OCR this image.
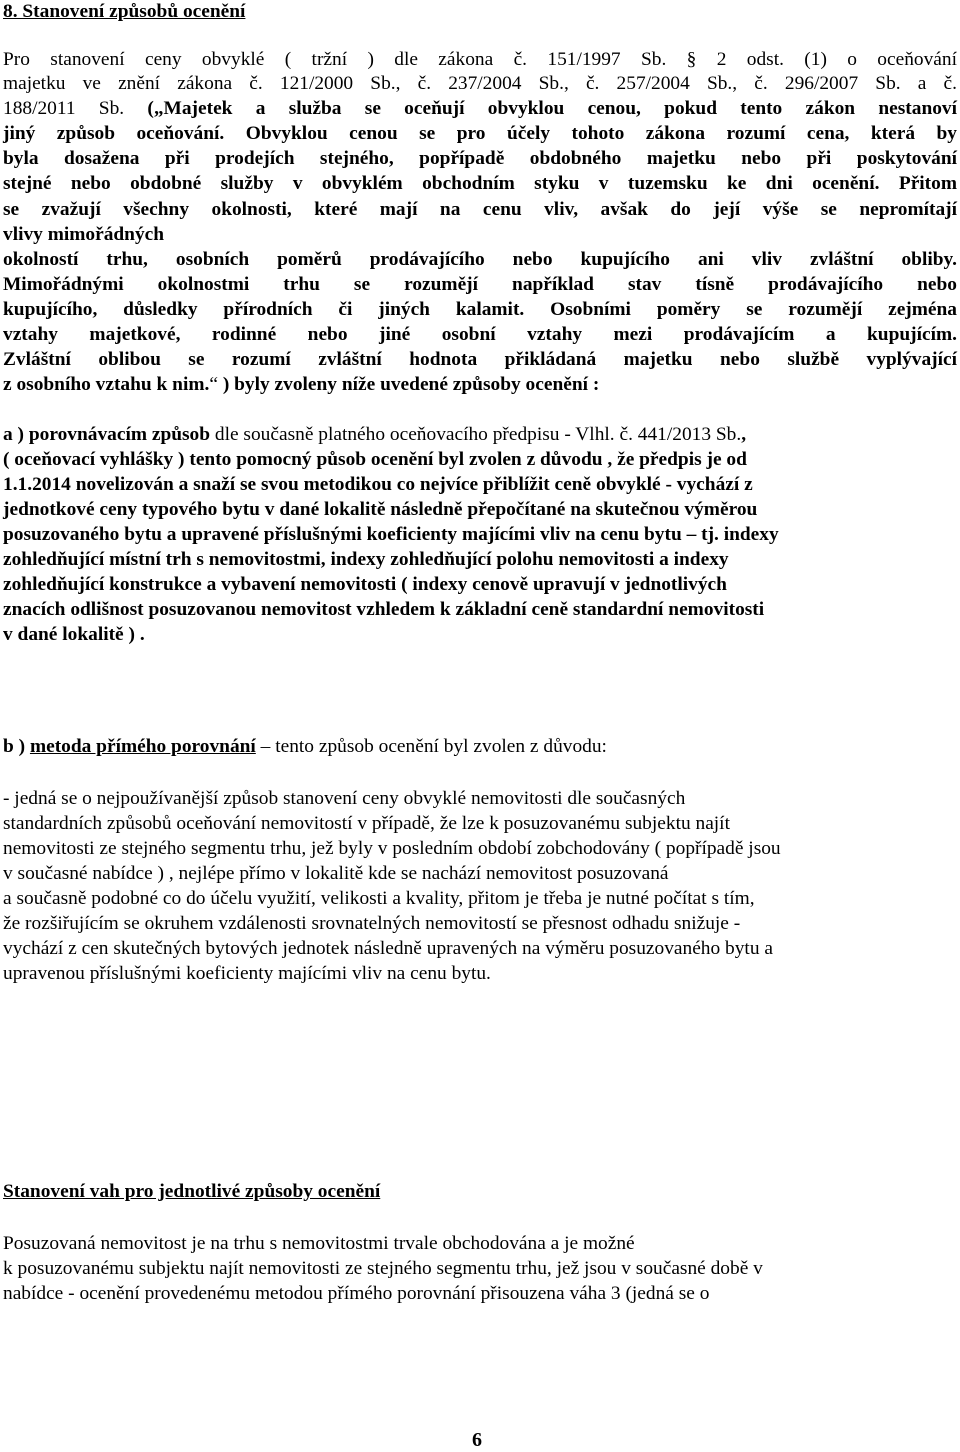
8. Stanovení způsobů ocenění
Pro stanovení ceny obvyklé ( tržní ) dle zákona č. 151/1997 Sb. § 2 odst. (1) o oceňování
majetku ve znění zákona č. 121/2000 Sb., č. 237/2004 Sb., č. 257/2004 Sb., č. 296/2007 Sb. a č.
188/2011 Sb. („Majetek a služba se oceňují obvyklou cenou, pokud tento zákon nestanoví
jiný způsob oceňování. Obvyklou cenou se pro účely tohoto zákona rozumí cena, která by
byla dosažena při prodejích stejného, popřípadě obdobného majetku nebo při poskytování
stejné nebo obdobné služby v obvyklém obchodním styku v tuzemsku ke dni ocenění. Přitom
se zvažují všechny okolnosti, které mají na cenu vliv, avšak do její výše se nepromítají
vlivy mimořádných
okolností trhu, osobních poměrů prodávajícího nebo kupujícího ani vliv zvláštní obliby.
Mimořádnými okolnostmi trhu se rozumějí například stav tísně prodávajícího nebo
kupujícího, důsledky přírodních či jiných kalamit. Osobními poměry se rozumějí zejména
vztahy majetkové, rodinné nebo jiné osobní vztahy mezi prodávajícím a kupujícím.
Zvláštní oblibou se rozumí zvláštní hodnota přikládaná majetku nebo službě vyplývající
z osobního vztahu k nim.“ ) byly zvoleny níže uvedené způsoby ocenění :
a ) porovnávacím způsob dle současně platného oceňovacího předpisu - Vlhl. č. 441/2013 Sb.,
( oceňovací vyhlášky ) tento pomocný působ ocenění byl zvolen z důvodu , že předpis je od
1.1.2014 novelizován a snaží se svou metodikou co nejvíce přiblížit ceně obvyklé - vychází z
jednotkové ceny typového bytu v dané lokalitě následně přepočítané na skutečnou výměrou
posuzovaného bytu a upravené příslušnými koeficienty majícími vliv na cenu bytu – tj. indexy
zohledňující místní trh s nemovitostmi, indexy zohledňující polohu nemovitosti a indexy
zohledňující konstrukce a vybavení nemovitosti ( indexy cenově upravují v jednotlivých
znacích odlišnost posuzovanou nemovitost vzhledem k základní ceně standardní nemovitosti
v dané lokalitě ) .
b ) metoda přímého porovnání – tento způsob ocenění byl zvolen z důvodu:
- jedná se o nejpoužívanější způsob stanovení ceny obvyklé nemovitosti dle současných
standardních způsobů oceňování nemovitostí v případě, že lze k posuzovanému subjektu najít
nemovitosti ze stejného segmentu trhu, jež byly v posledním období zobchodovány ( popřípadě jsou
v současné nabídce ) , nejlépe přímo v lokalitě kde se nachází nemovitost posuzovaná
a současně podobné co do účelu využití, velikosti a kvality, přitom je třeba je nutné počítat s tím,
že rozšiřujícím se okruhem vzdálenosti srovnatelných nemovitostí se přesnost odhadu snižuje -
vychází z cen skutečných bytových jednotek následně upravených na výměru posuzovaného bytu a
upravenou příslušnými koeficienty majícími vliv na cenu bytu.
Stanovení vah pro jednotlivé způsoby ocenění
Posuzovaná nemovitost je na trhu s nemovitostmi trvale obchodována a je možné
k posuzovanému subjektu najít nemovitosti ze stejného segmentu trhu, jež jsou v současné době v
nabídce - ocenění provedenému metodou přímého porovnání přisouzena váha 3 (jedná se o
6
